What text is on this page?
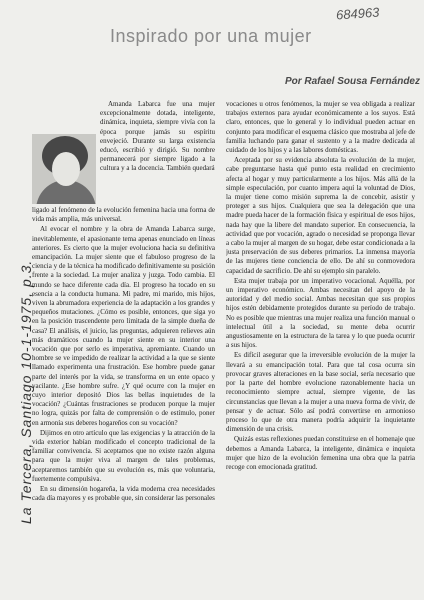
684963
La Tercera, Santiago 10-1-1975, p.3.
Inspirado por una mujer
Por Rafael Sousa Fernández

Amanda Labarca fue una mujer excepcionalmente dotada, inteligente, dinámica, inquieta, siempre vivía con la época porque jamás su espíritu envejeció. Durante su larga existencia educó, escribió y dirigió. Su nombre permanecerá por siempre ligado a la cultura y a la docencia. También quedará

ligado al fenómeno de la evolución femenina hacia una forma de vida más amplia, más universal.

Al evocar el nombre y la obra de Amanda Labarca surge, inevitablemente, el apasionante tema apenas enunciado en líneas anteriores. Es cierto que la mujer evoluciona hacia su definitiva emancipación. La mujer siente que el fabuloso progreso de la ciencia y de la técnica ha modificado definitivamente su posición frente a la sociedad. La mujer analiza y juzga. Todo cambia. El mundo se hace diferente cada día. El progreso ha tocado en su esencia a la conducta humana. Mi padre, mi marido, mis hijos, viven la abrumadora experiencia de la adaptación a los grandes y pequeños mutaciones. ¿Cómo es posible, entonces, que siga yo en la posición trascendente pero limitada de la simple dueña de casa? El análisis, el juicio, las preguntas, adquieren relieves aún más dramáticos cuando la mujer siente en su interior una vocación que por serlo es imperativa, apremiante. Cuando un hombre se ve impedido de realizar la actividad a la que se siente llamado experimenta una frustración. Ese hombre puede ganar parte del interés por la vida, se transforma en un ente opaco y vacilante. ¿Ese hombre sufre. ¿Y qué ocurre con la mujer en cuyo interior depositó Dios las bellas inquietudes de la vocación? ¿Cuántas frustraciones se producen porque la mujer no logra, quizás por falta de comprensión o de estímulo, poner en armonía sus deberes hogareños con su vocación?

Dijimos en otro artículo que las exigencias y la atracción de la vida exterior habían modificado el concepto tradicional de la familiar convivencia. Si aceptamos que no existe razón alguna para que la mujer viva al margen de tales problemas, aceptaremos también que su evolución es, más que voluntaria, fuertemente compulsiva.

En su dimensión hogareña, la vida moderna crea necesidades cada día mayores y es probable que, sin considerar las personales

vocaciones u otros fenómenos, la mujer se vea obligada a realizar trabajos externos para ayudar económicamente a los suyos. Está claro, entonces, que lo general y lo individual pueden actuar en conjunto para modificar el esquema clásico que mostraba al jefe de familia luchando para ganar el sustento y a la madre dedicada al cuidado de los hijos y a las labores domésticas.

Aceptada por su evidencia absoluta la evolución de la mujer, cabe preguntarse hasta qué punto esta realidad en crecimiento afecta al hogar y muy particularmente a los hijos. Más allá de la simple especulación, por cuanto impera aquí la voluntad de Dios, la mujer tiene como misión suprema la de concebir, asistir y proteger a sus hijos. Cualquiera que sea la delegación que una madre pueda hacer de la formación física y espiritual de esos hijos, nada hay que la libere del mandato superior. En consecuencia, la actividad que por vocación, agrado o necesidad se proponga llevar a cabo la mujer al margen de su hogar, debe estar condicionada a la justa preservación de sus deberes primarios. La inmensa mayoría de las mujeres tiene conciencia de ello. De ahí su conmovedora capacidad de sacrificio. De ahí su ejemplo sin paralelo.

Esta mujer trabaja por un imperativo vocacional. Aquélla, por un imperativo económico. Ambas necesitan del apoyo de la autoridad y del medio social. Ambas necesitan que sus propios hijos estén debidamente protegidos durante su período de trabajo. No es posible que mientras una mujer realiza una función manual o intelectual útil a la sociedad, su mente deba ocurrir angustiosamente en la estructura de la tarea y lo que pueda ocurrir a sus hijos.

Es difícil asegurar que la irreversible evolución de la mujer la llevará a su emancipación total. Para que tal cosa ocurra sin provocar graves alteraciones en la base social, sería necesario que por la parte del hombre evolucione razonablemente hacia un reconocimiento siempre actual, siempre vigente, de las circunstancias que llevan a la mujer a una nueva forma de vivir, de pensar y de actuar. Sólo así podrá convertirse en armonioso proceso lo que de otra manera podría adquirir la inquietante dimensión de una crisis.

Quizás estas reflexiones puedan constituirse en el homenaje que debemos a Amanda Labarca, la inteligente, dinámica e inquieta mujer que hizo de la evolución femenina una obra que la patria recoge con emocionada gratitud.
